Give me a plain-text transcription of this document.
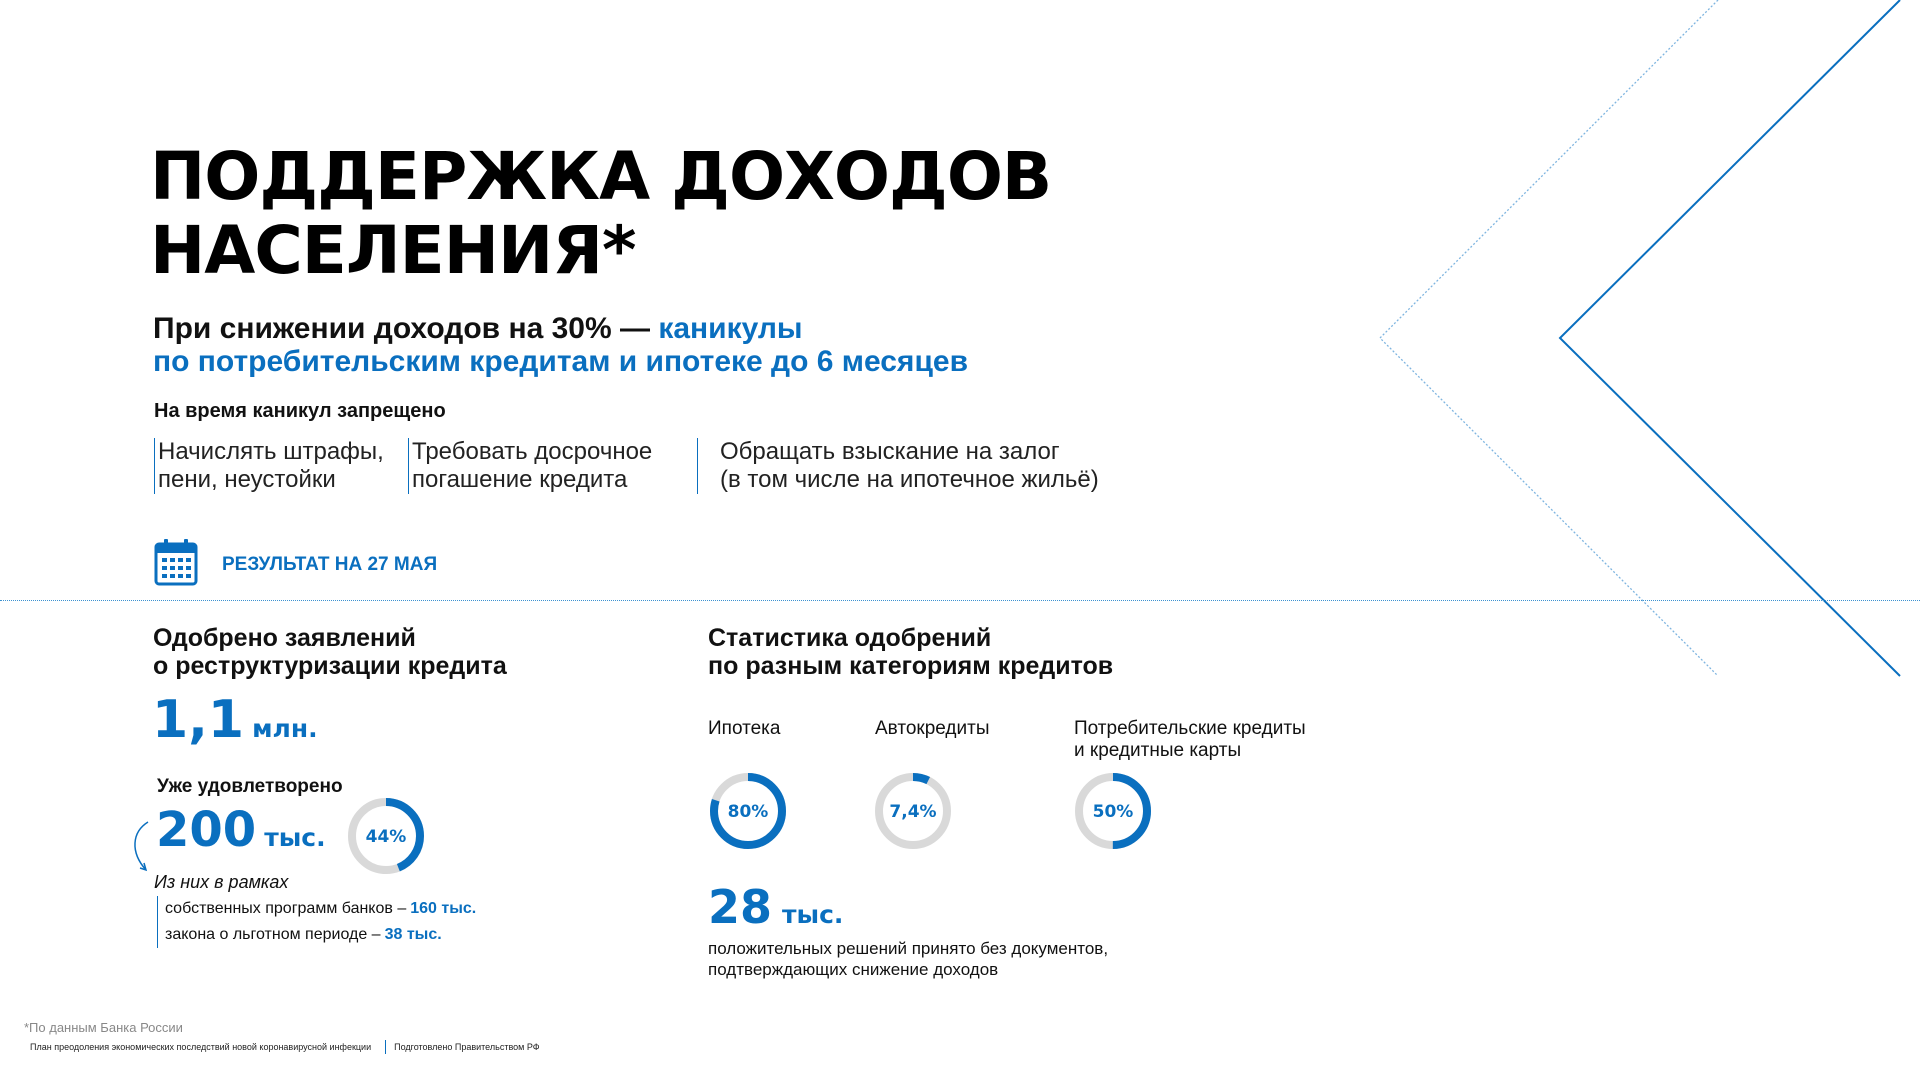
ПОДДЕРЖКА ДОХОДОВ
НАСЕЛЕНИЯ*
При снижении доходов на 30% — каникулы
по потребительским кредитам и ипотеке до 6 месяцев
На время каникул запрещено
Начислять штрафы,
пени, неустойки
Требовать досрочное
погашение кредита
Обращать взыскание на залог
(в том числе на ипотечное жильё)
РЕЗУЛЬТАТ НА 27 МАЯ
Одобрено заявлений
о реструктуризации кредита
1,1 млн.
Уже удовлетворено
200 тыс. 44%
Из них в рамках
собственных программ банков – 160 тыс.
закона о льготном периоде – 38 тыс.
Статистика одобрений
по разным категориям кредитов
Ипотека	Автокредиты	Потребительские кредиты
и кредитные карты
80%	7,4%	50%
28 тыс.
положительных решений принято без документов,
подтверждающих снижение доходов
*По данным Банка России
План преодоления экономических последствий новой коронавирусной инфекции	Подготовлено Правительством РФ
